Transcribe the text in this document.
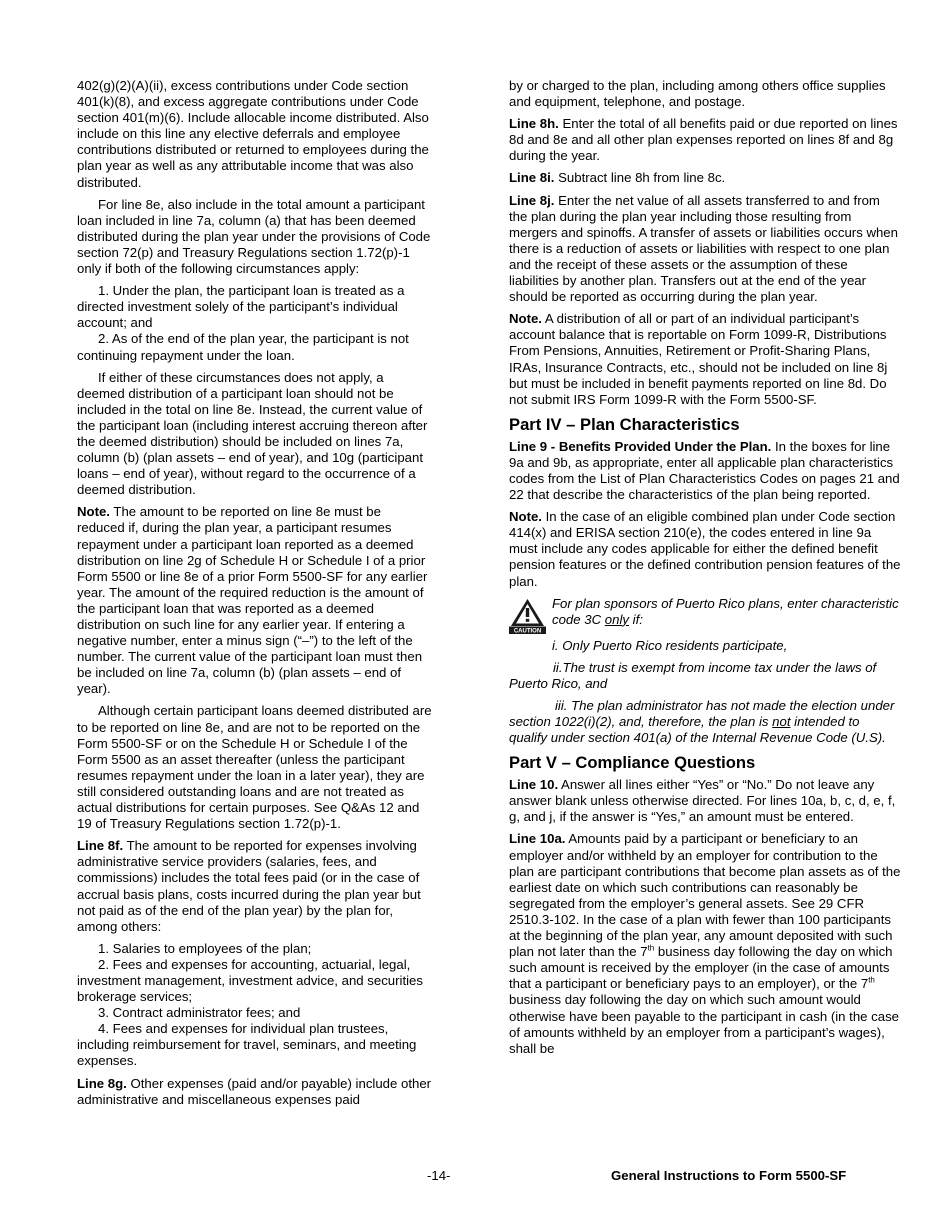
402(g)(2)(A)(ii), excess contributions under Code section 401(k)(8), and excess aggregate contributions under Code section 401(m)(6). Include allocable income distributed. Also include on this line any elective deferrals and employee contributions distributed or returned to employees during the plan year as well as any attributable income that was also distributed.

For line 8e, also include in the total amount a participant loan included in line 7a, column (a) that has been deemed distributed during the plan year under the provisions of Code section 72(p) and Treasury Regulations section 1.72(p)-1 only if both of the following circumstances apply:

1. Under the plan, the participant loan is treated as a directed investment solely of the participant’s individual account; and

2. As of the end of the plan year, the participant is not continuing repayment under the loan.

If either of these circumstances does not apply, a deemed distribution of a participant loan should not be included in the total on line 8e. Instead, the current value of the participant loan (including interest accruing thereon after the deemed distribution) should be included on lines 7a, column (b) (plan assets – end of year), and 10g (participant loans – end of year), without regard to the occurrence of a deemed distribution.

Note. The amount to be reported on line 8e must be reduced if, during the plan year, a participant resumes repayment under a participant loan reported as a deemed distribution on line 2g of Schedule H or Schedule I of a prior Form 5500 or line 8e of a prior Form 5500-SF for any earlier year. The amount of the required reduction is the amount of the participant loan that was reported as a deemed distribution on such line for any earlier year. If entering a negative number, enter a minus sign (“–”) to the left of the number. The current value of the participant loan must then be included on line 7a, column (b) (plan assets – end of year).

Although certain participant loans deemed distributed are to be reported on line 8e, and are not to be reported on the Form 5500-SF or on the Schedule H or Schedule I of the Form 5500 as an asset thereafter (unless the participant resumes repayment under the loan in a later year), they are still considered outstanding loans and are not treated as actual distributions for certain purposes. See Q&As 12 and 19 of Treasury Regulations section 1.72(p)-1.

Line 8f. The amount to be reported for expenses involving administrative service providers (salaries, fees, and commissions) includes the total fees paid (or in the case of accrual basis plans, costs incurred during the plan year but not paid as of the end of the plan year) by the plan for, among others:

1. Salaries to employees of the plan;

2. Fees and expenses for accounting, actuarial, legal, investment management, investment advice, and securities brokerage services;

3. Contract administrator fees; and

4. Fees and expenses for individual plan trustees, including reimbursement for travel, seminars, and meeting expenses.

Line 8g. Other expenses (paid and/or payable) include other administrative and miscellaneous expenses paid

by or charged to the plan, including among others office supplies and equipment, telephone, and postage.

Line 8h. Enter the total of all benefits paid or due reported on lines 8d and 8e and all other plan expenses reported on lines 8f and 8g during the year.

Line 8i. Subtract line 8h from line 8c.

Line 8j. Enter the net value of all assets transferred to and from the plan during the plan year including those resulting from mergers and spinoffs. A transfer of assets or liabilities occurs when there is a reduction of assets or liabilities with respect to one plan and the receipt of these assets or the assumption of these liabilities by another plan. Transfers out at the end of the year should be reported as occurring during the plan year.

Note. A distribution of all or part of an individual participant’s account balance that is reportable on Form 1099-R, Distributions From Pensions, Annuities, Retirement or Profit-Sharing Plans, IRAs, Insurance Contracts, etc., should not be included on line 8j but must be included in benefit payments reported on line 8d. Do not submit IRS Form 1099-R with the Form 5500-SF.

Part IV – Plan Characteristics

Line 9 - Benefits Provided Under the Plan. In the boxes for line 9a and 9b, as appropriate, enter all applicable plan characteristics codes from the List of Plan Characteristics Codes on pages 21 and 22 that describe the characteristics of the plan being reported.

Note. In the case of an eligible combined plan under Code section 414(x) and ERISA section 210(e), the codes entered in line 9a must include any codes applicable for either the defined benefit pension features or the defined contribution pension features of the plan.

CAUTION
For plan sponsors of Puerto Rico plans, enter characteristic code 3C only if:

i. Only Puerto Rico residents participate,

ii.The trust is exempt from income tax under the laws of Puerto Rico, and

iii. The plan administrator has not made the election under section 1022(i)(2), and, therefore, the plan is not intended to qualify under section 401(a) of the Internal Revenue Code (U.S).

Part V – Compliance Questions

Line 10. Answer all lines either “Yes” or “No.” Do not leave any answer blank unless otherwise directed. For lines 10a, b, c, d, e, f, g, and j, if the answer is “Yes,” an amount must be entered.

Line 10a. Amounts paid by a participant or beneficiary to an employer and/or withheld by an employer for contribution to the plan are participant contributions that become plan assets as of the earliest date on which such contributions can reasonably be segregated from the employer’s general assets. See 29 CFR 2510.3-102. In the case of a plan with fewer than 100 participants at the beginning of the plan year, any amount deposited with such plan not later than the 7th business day following the day on which such amount is received by the employer (in the case of amounts that a participant or beneficiary pays to an employer), or the 7th business day following the day on which such amount would otherwise have been payable to the participant in cash (in the case of amounts withheld by an employer from a participant’s wages), shall be

-14-	General Instructions to Form 5500-SF
